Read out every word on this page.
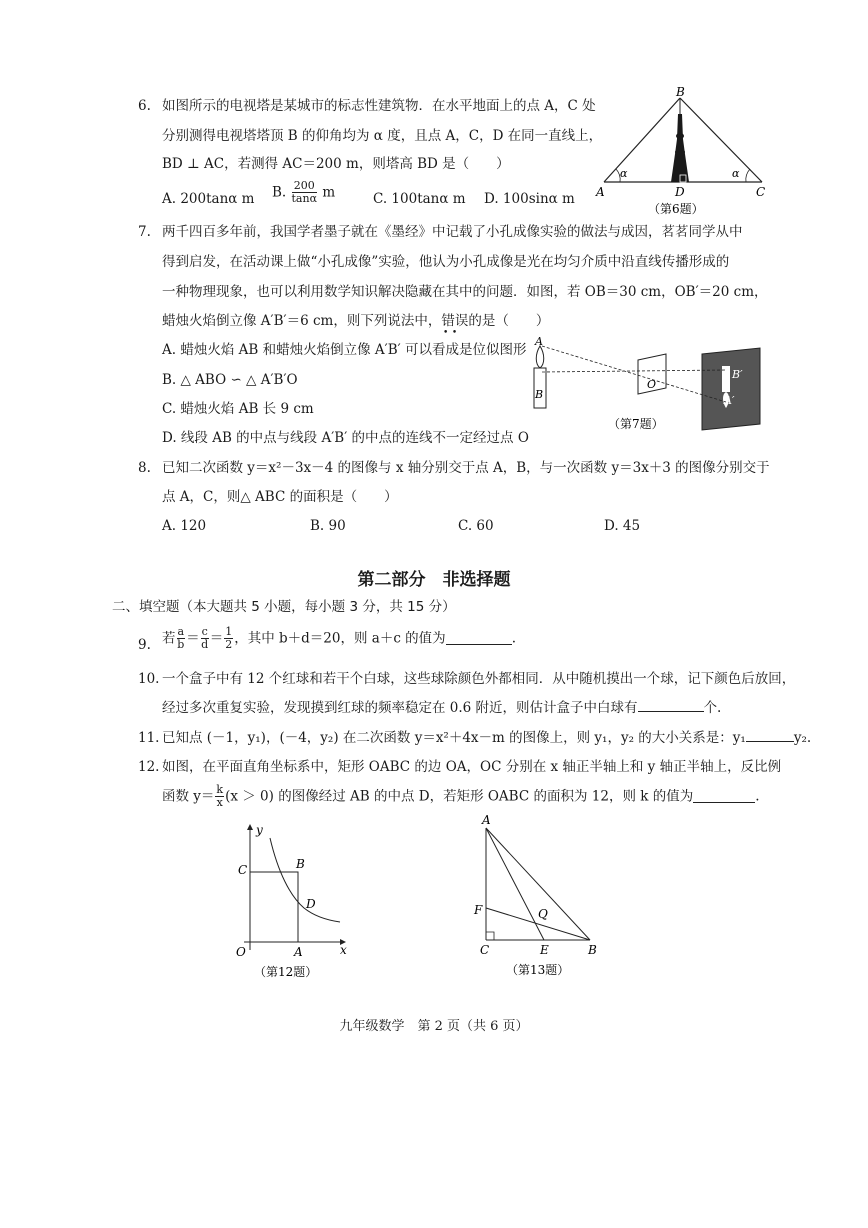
6. 如图所示的电视塔是某城市的标志性建筑物．在水平地面上的点 A，C 处
分别测得电视塔塔顶 B 的仰角均为 α 度，且点 A，C，D 在同一直线上，
BD ⊥ AC，若测得 AC＝200 m，则塔高 BD 是（　　）
A. 200tanα m B. $\frac{200}{\tan\alpha}$ m	C. 100tanα m D. 100sinα m
B
A	C
D
α	α
（第6题）
7. 两千四百多年前，我国学者墨子就在《墨经》中记载了小孔成像实验的做法与成因，茗茗同学从中
得到启发，在活动课上做“小孔成像”实验，他认为小孔成像是光在均匀介质中沿直线传播形成的
一种物理现象，也可以利用数学知识解决隐藏在其中的问题．如图，若 OB＝30 cm，OB′＝20 cm，
蜡烛火焰倒立像 A′B′＝6 cm，则下列说法中，错误的是（　　）
•    •
A. 蜡烛火焰 AB 和蜡烛火焰倒立像 A′B′ 可以看成是位似图形
B. △ ABO ∽ △ A′B′O
C. 蜡烛火焰 AB 长 9 cm
D. 线段 AB 的中点与线段 A′B′ 的中点的连线不一定经过点 O
A
B
O
B′
A′
（第7题）
8. 已知二次函数 y＝x²－3x－4 的图像与 x 轴分别交于点 A，B，与一次函数 y＝3x＋3 的图像分别交于
点 A，C，则△ ABC 的面积是（　　）
A. 120	B. 90	C. 60	D. 45
第二部分　非选择题
二、填空题（本大题共 5 小题，每小题 3 分，共 15 分）
9. 若 $\frac{a}{b} = \frac{c}{d} = \frac{1}{2}$ ，其中 b＋d＝20，则 a＋c 的值为	.
10. 一个盒子中有 12 个红球和若干个白球，这些球除颜色外都相同．从中随机摸出一个球，记下颜色后放回，
经过多次重复实验，发现摸到红球的频率稳定在 0.6 附近，则估计盒子中白球有	个.
11. 已知点 (－1，y₁)，(－4，y₂) 在二次函数 y＝x²＋4x－m 的图像上，则 y₁，y₂ 的大小关系是：y₁	y₂.
12. 如图，在平面直角坐标系中，矩形 OABC 的边 OA，OC 分别在 x 轴正半轴上和 y 轴正半轴上，反比例
函数 $y= \frac{k}{x} (x > 0)$ 的图像经过 AB 的中点 D，若矩形 OABC 的面积为 12，则 k 的值为	.
y
x
O	A
B
C
D
（第12题）
A
B
C	E
F	Q
（第13题）
九年级数学　第 2 页（共 6 页）
